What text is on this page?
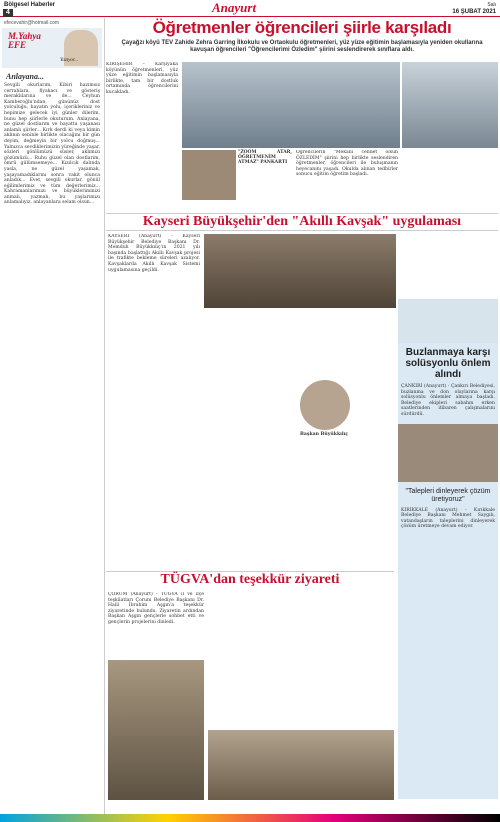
Bölgesel Haberler
4	Anayurt	Salı
16 ŞUBAT 2021
efecevahir@hotmail.com
M.Yahya
EFE
Yazıyor...
Anlayana...
Sevgili okurlarım, Kibiri hazımsız cerrahlara, fiyakacı ve gösteriş meraklılarına ve de... Ceyhun Kamberoğlu'ndan, gününüz dost yolculuğu, hayatın yolu, içerikleriniz ve hepimize gelecek iyi günler dilerim, bunu hep şiirlerle okuturum. Anlayana, ne güzel dostlarım ve hayatta yaşanası anlamlı şiirler... Kırk derdi ki veya kimin aklının seninle birlikte olacağını bir gün deyim, değmeyin bir yolcu doğmuş... Yalnızca sevdiklerimizin yüreğinde yaşar, sözleri gönlümüzü süsler, aklımızı gözümüzü... Ruhu güzel olan dostlarım, ömrü gülümsemeye... Kızılcık dalında yasla, ne güzel yaşamak, yaşayamadıklarını sonra vakit olunca anladık... Evet, sevgili okurlar, gönül eğilimlerimiz ve tüm değerlerimiz... Kahramanlarımızı ve büyükleriminizi anmalı, yazmalı, bu yaşlarımızı anlamalıyız, anlayanlara selam olsun...
Öğretmenler öğrencileri şiirle karşıladı
Çayağzı köyü TEV Zahide Zehra Garring İlkokulu ve Ortaokulu öğretmenleri, yüz yüze eğitimin başlamasıyla yeniden okullarına kavuşan öğrencileri "Öğrencilerimi Özledim" şiirini seslendirerek sınıflara aldı.
KIRIŞEHİR – Karşıyaka köyünün öğretmenleri, yüz yüze eğitimin başlamasıyla birlikte, tam bir dostluk ortamında öğrencilerini kucakladı.
"ZOOM ATAR, ÖĞRETMENİM ATMAZ" PANKARTI
Öğrencilerin "Mekanı cennet olsun ÖZLEDİM" şiirini hep birlikte seslendiren öğretmenler, öğrencileri ile buluşmanın heyecanını yaşadı. Okulda alınan tedbirler sonucu eğitim öğretim başladı.
Kayseri Büyükşehir'den "Akıllı Kavşak" uygulaması
KAYSERİ (Anayurt) - Kayseri Büyükşehir Belediye Başkanı Dr. Memduh Büyükkılıç'ın 2021 yılı başında başlattığı Akıllı Kavşak projesi ile trafikte bekleme süreleri azalıyor. Kavşaklarda Akıllı Kavşak Sistemi uygulamasına geçildi.
Başkan Büyükkılıç
Buzlanmaya karşı solüsyonlu önlem alındı
ÇANKIRI (Anayurt) - Çankırı Belediyesi, buzlanma ve don olaylarına karşı solüsyonlu önlemler almaya başladı. Belediye ekipleri sabahın erken saatlerinden itibaren çalışmalarını sürdürdü.
"Talepleri dinleyerek çözüm üretiyoruz"
KIRIKKALE (Anayurt) - Kırıkkale Belediye Başkanı Mehmet Saygılı, vatandaşların taleplerini dinleyerek çözüm üretmeye devam ediyor.
TÜGVA'dan teşekkür ziyareti
ÇORUM (Anayurt) - TÜGVA il ve ilçe teşkilatları Çorum Belediye Başkanı Dr. Halil İbrahim Aşgın'a teşekkür ziyaretinde bulundu. Ziyaretin ardından Başkan Aşgın gençlerle sohbet etti ve gençlerin projelerini dinledi.
